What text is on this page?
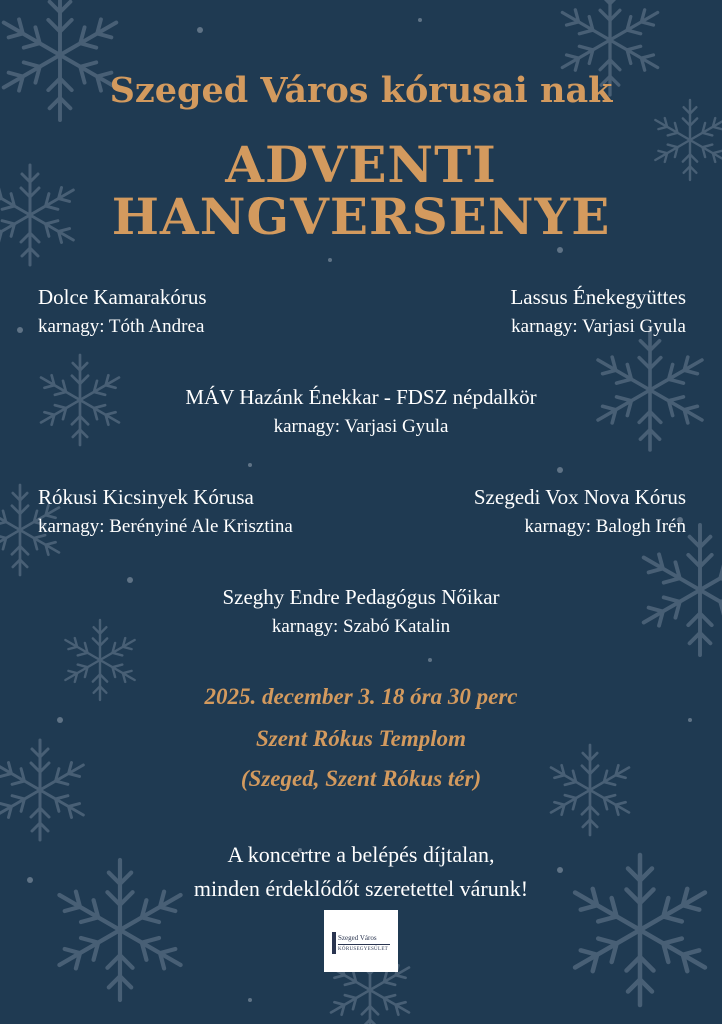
Szeged Város kórusai nak
ADVENTI
HANGVERSENYE
Dolce Kamarakórus
karnagy: Tóth Andrea
Lassus Énekegyüttes
karnagy: Varjasi Gyula
MÁV Hazánk Énekkar - FDSZ népdalkör
karnagy: Varjasi Gyula
Rókusi Kicsinyek Kórusa
karnagy: Berényiné Ale Krisztina
Szegedi Vox Nova Kórus
karnagy: Balogh Irén
Szeghy Endre Pedagógus Nőikar
karnagy: Szabó Katalin
2025. december 3. 18 óra 30 perc
Szent Rókus Templom
(Szeged, Szent Rókus tér)
A koncertre a belépés díjtalan,
minden érdeklődőt szeretettel várunk!
Szeged Város
KÓRUSEGYESÜLET
